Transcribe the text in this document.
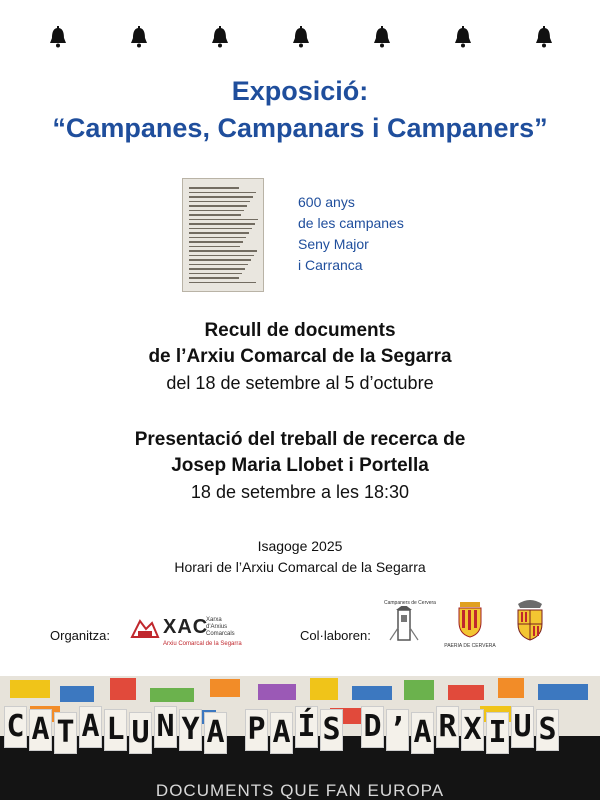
Exposició:
“Campanes, Campanars i Campaners”
600 anys
de les campanes
Seny Major
i Carranca
Recull de documents
de l’Arxiu Comarcal de la Segarra
del 18 de setembre al 5 d’octubre
Presentació del treball de recerca de
Josep Maria Llobet i Portella
18 de setembre a les 18:30
Isagoge 2025
Horari de l’Arxiu Comarcal de la Segarra
Organitza:	XAC
Xarxa
d'Arxius
Comarcals
Arxiu Comarcal de la Segarra
Col·laboren:
Campaners de Cervera
PAERIA DE CERVERA
DOCUMENTS QUE FAN EUROPA
C A T A L U N Y A P A Í S D ’ A R X I U S
